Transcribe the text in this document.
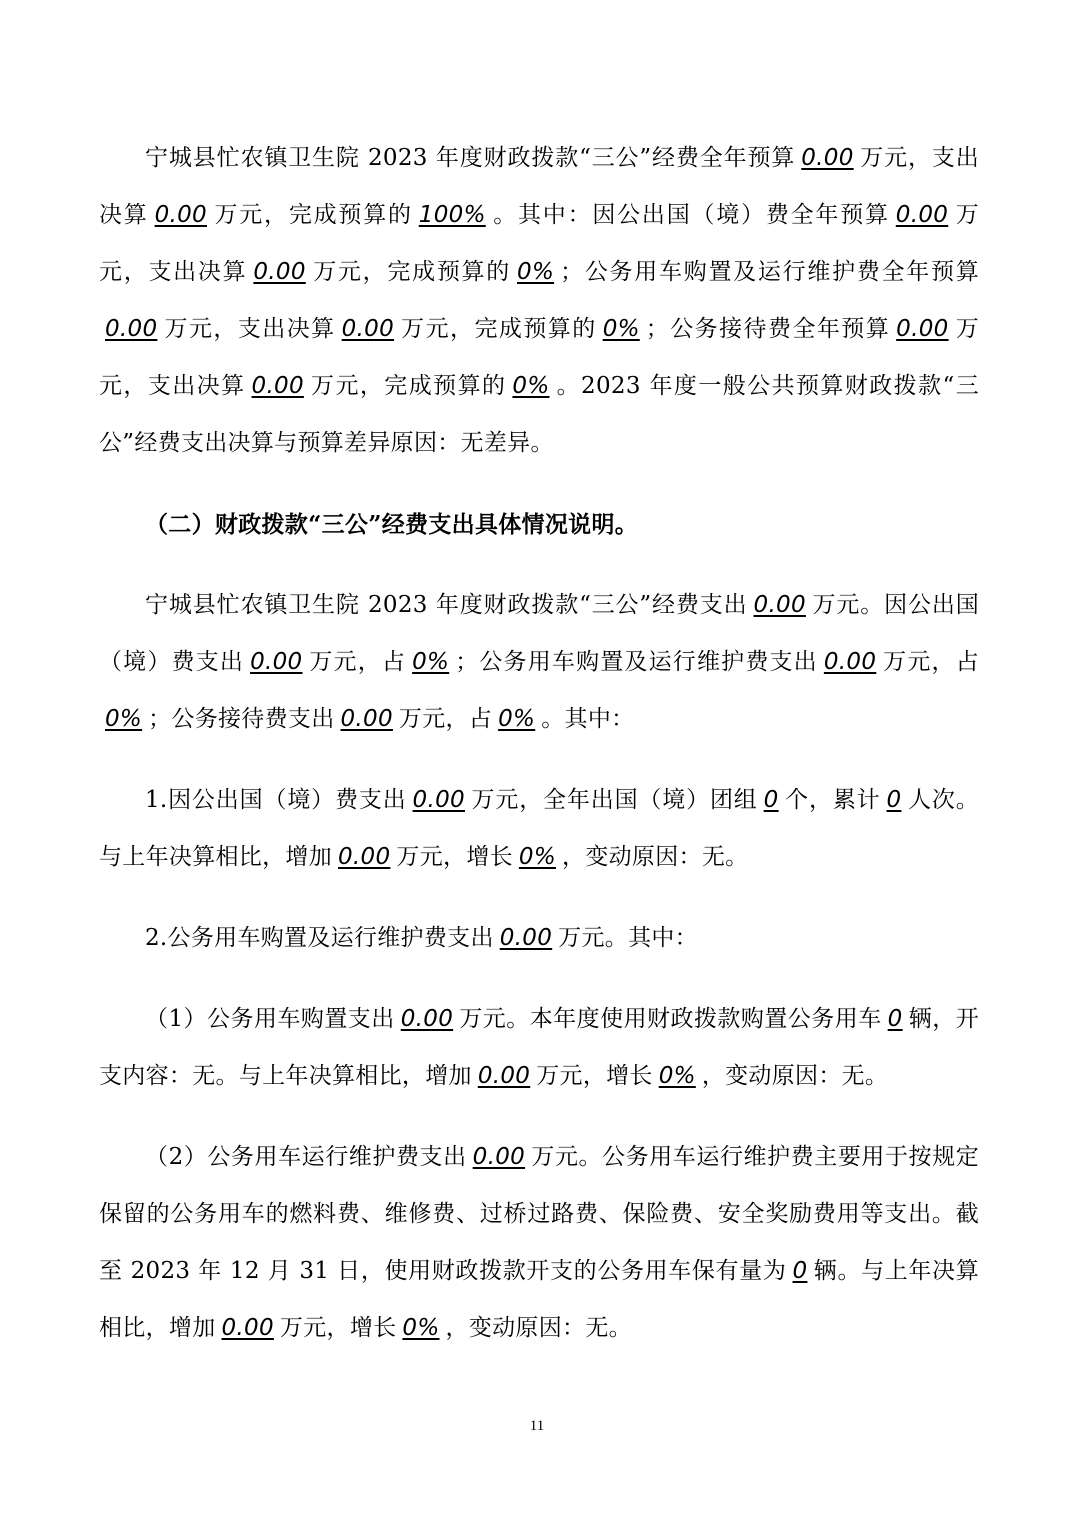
宁城县忙农镇卫生院 2023 年度财政拨款“三公”经费全年预算 0.00 万元，支出决算 0.00 万元，完成预算的 100% 。其中：因公出国（境）费全年预算 0.00 万元，支出决算 0.00 万元，完成预算的 0% ；公务用车购置及运行维护费全年预算0.00 万元，支出决算 0.00 万元，完成预算的 0% ；公务接待费全年预算 0.00 万元，支出决算 0.00 万元，完成预算的 0% 。2023 年度一般公共预算财政拨款“三公”经费支出决算与预算差异原因：无差异。

（二）财政拨款“三公”经费支出具体情况说明。

宁城县忙农镇卫生院 2023 年度财政拨款“三公”经费支出 0.00 万元。因公出国（境）费支出 0.00 万元，占 0% ；公务用车购置及运行维护费支出 0.00 万元，占0% ；公务接待费支出 0.00 万元，占 0% 。其中：

1.因公出国（境）费支出 0.00 万元，全年出国（境）团组 0 个，累计 0 人次。与上年决算相比，增加 0.00 万元，增长 0% ，变动原因：无。

2.公务用车购置及运行维护费支出 0.00 万元。其中：

（1）公务用车购置支出 0.00 万元。本年度使用财政拨款购置公务用车 0 辆，开支内容：无。与上年决算相比，增加 0.00 万元，增长 0% ，变动原因：无。

（2）公务用车运行维护费支出 0.00 万元。公务用车运行维护费主要用于按规定保留的公务用车的燃料费、维修费、过桥过路费、保险费、安全奖励费用等支出。截至 2023 年 12 月 31 日，使用财政拨款开支的公务用车保有量为 0 辆。与上年决算相比，增加 0.00 万元，增长 0% ，变动原因：无。

11
